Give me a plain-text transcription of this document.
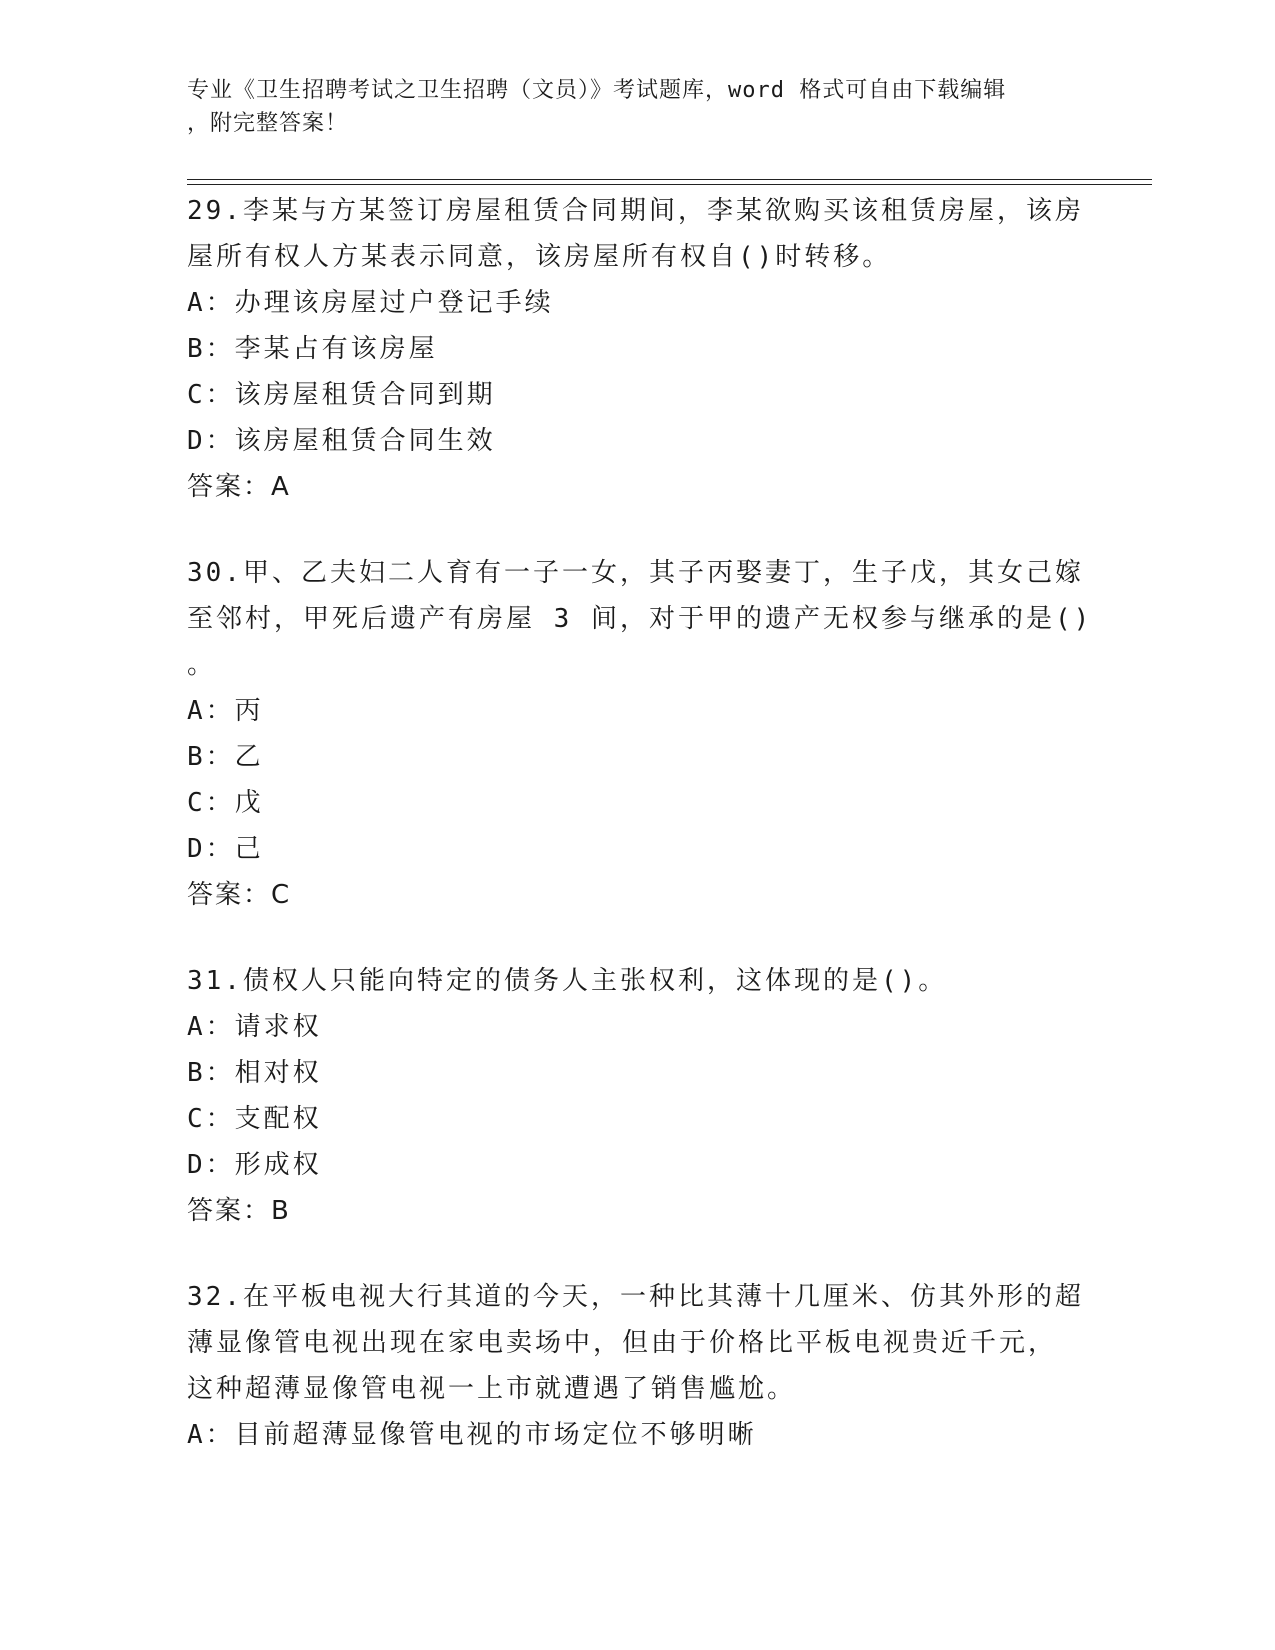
专业《卫生招聘考试之卫生招聘（文员）》考试题库，word 格式可自由下载编辑
，附完整答案！
29.李某与方某签订房屋租赁合同期间，李某欲购买该租赁房屋，该房
屋所有权人方某表示同意，该房屋所有权自()时转移。
A：办理该房屋过户登记手续
B：李某占有该房屋
C：该房屋租赁合同到期
D：该房屋租赁合同生效
答案：A
30.甲、乙夫妇二人育有一子一女，其子丙娶妻丁，生子戊，其女己嫁
至邻村，甲死后遗产有房屋 3 间，对于甲的遗产无权参与继承的是()
。
A：丙
B：乙
C：戊
D：己
答案：C
31.债权人只能向特定的债务人主张权利，这体现的是()。
A：请求权
B：相对权
C：支配权
D：形成权
答案：B
32.在平板电视大行其道的今天，一种比其薄十几厘米、仿其外形的超
薄显像管电视出现在家电卖场中，但由于价格比平板电视贵近千元，
这种超薄显像管电视一上市就遭遇了销售尴尬。
A：目前超薄显像管电视的市场定位不够明晰
